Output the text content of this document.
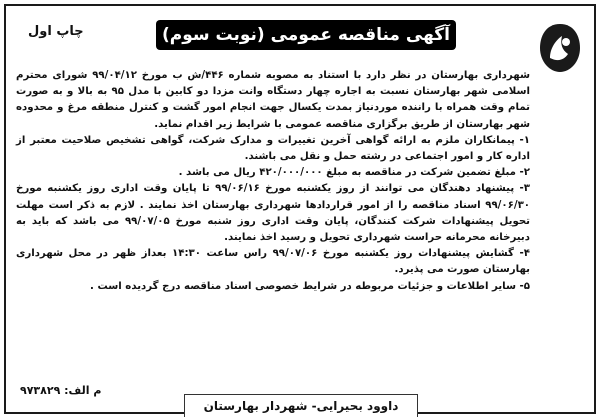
آگهی مناقصه عمومی (نوبت سوم)
چاپ اول

شهرداری بهارستان در نظر دارد با استناد به مصوبه شماره ۴۴۶/ش ب مورخ ۹۹/۰۴/۱۲ شورای محترم اسلامی شهر بهارستان نسبت به اجاره چهار دستگاه وانت مزدا دو کابین با مدل ۹۵ به بالا و به صورت تمام وقت همراه با راننده موردنیاز بمدت یکسال جهت انجام امور گشت و کنترل منطقه مرغ و محدوده شهر بهارستان از طریق برگزاری مناقصه عمومی با شرایط زیر اقدام نماید.

۱- پیمانکاران ملزم به ارائه گواهی آخرین تغییرات و مدارک شرکت، گواهی تشخیص صلاحیت معتبر از اداره کار و امور اجتماعی در رشته حمل و نقل می باشند.

۲- مبلغ تضمین شرکت در مناقصه به مبلغ ۴۲۰/۰۰۰/۰۰۰ ریال می باشد .

۳- پیشنهاد دهندگان می توانند از روز یکشنبه مورخ ۹۹/۰۶/۱۶ تا پایان وقت اداری روز یکشنبه مورخ ۹۹/۰۶/۳۰ اسناد مناقصه را از امور قراردادها شهرداری بهارستان اخذ نمایند . لازم به ذکر است مهلت تحویل پیشنهادات شرکت کنندگان، پایان وقت اداری روز شنبه مورخ ۹۹/۰۷/۰۵ می باشد که باید به دبیرخانه محرمانه حراست شهرداری تحویل و رسید اخذ نمایند.

۴- گشایش پیشنهادات روز یکشنبه مورخ ۹۹/۰۷/۰۶ راس ساعت ۱۴:۳۰ بعداز ظهر در محل شهرداری بهارستان صورت می پذیرد.

۵- سایر اطلاعات و جزئیات مربوطه در شرایط خصوصی اسناد مناقصه درج گردیده است .

م الف: ۹۷۳۸۲۹
داوود بحیرایی- شهردار بهارستان
